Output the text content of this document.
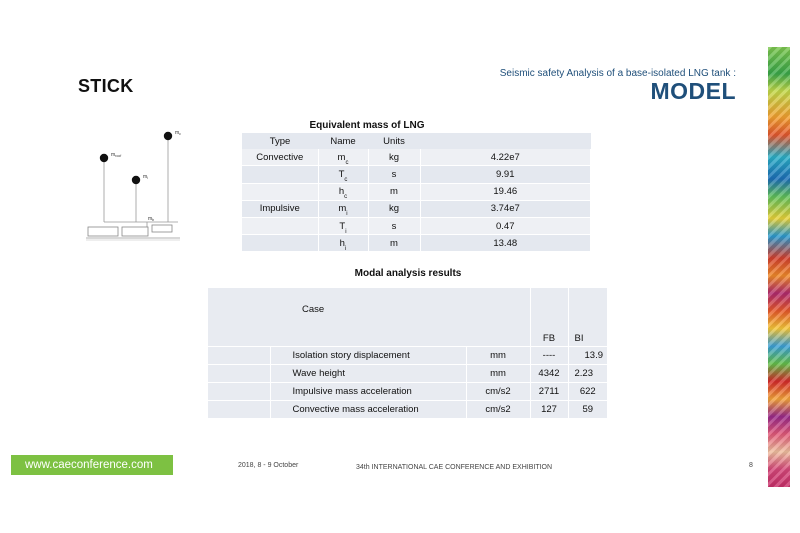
STICK
Seismic safety Analysis of a base-isolated LNG tank :
MODEL
$m_{roof}$
$m_i$
$m_c$
$m_b$
Equivalent mass of LNG
Type	Name	Units	
Convective	$m_c$	kg	4.22e7
	$T_c$	s	9.91
	$h_c$	m	19.46
Impulsive	$m_i$	kg	3.74e7
	$T_i$	s	0.47
	$h_i$	m	13.48
Modal analysis results
Case			FB	BI
	Isolation story displacement	mm	----	13.9
	Wave height	mm	4342	2.23
	Impulsive mass acceleration	cm/s2	2711	622
	Convective mass acceleration	cm/s2	127	59
www.caeconference.com	2018, 8 - 9 October	34th INTERNATIONAL CAE CONFERENCE AND EXHIBITION	8
